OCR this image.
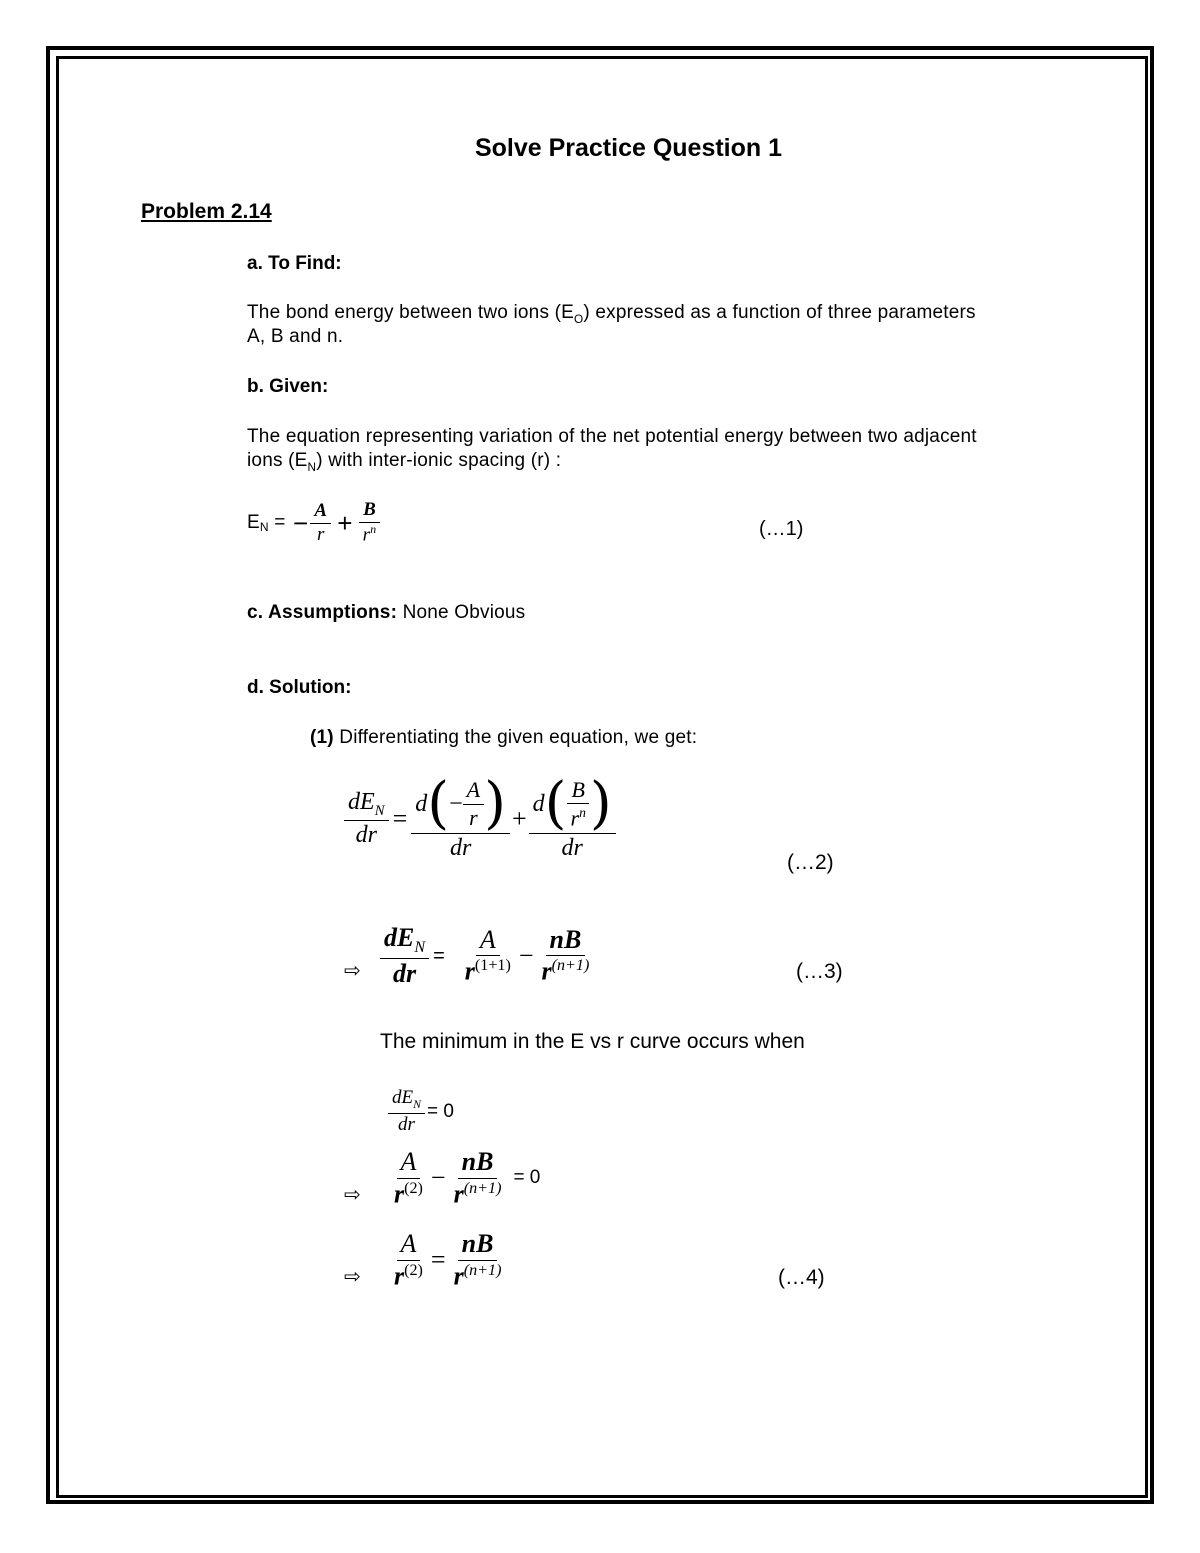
Solve Practice Question 1
Problem 2.14
a. To Find:
The bond energy between two ions $(E_O)$ expressed as a function of three parameters
A, B and n.
b. Given:
The equation representing variation of the net potential energy between two adjacent
ions $(E_N)$ with inter-ionic spacing (r) :
$E_N$ = − $\frac{A}{r} + \frac{B}{r^n}$	(…1)
c. Assumptions: None Obvious
d. Solution:
(1) Differentiating the given equation, we get:
$\frac{dE_N}{dr} = \frac{d ( - \frac{A}{r} )}{dr} + \frac{d ( \frac{B}{r^n} )}{dr}$
(…2)
⇨ $\frac{dE_N}{dr} = \frac{A}{r^{(1+1)}} - \frac{nB}{r^{(n+1)}}$	(…3)
The minimum in the E vs r curve occurs when
$\frac{dE_N}{dr} = 0$
⇨ $\frac{A}{r^{(2)}} - \frac{nB}{r^{(n+1)}} = 0$
⇨ $\frac{A}{r^{(2)}} = \frac{nB}{r^{(n+1)}}$	(…4)
